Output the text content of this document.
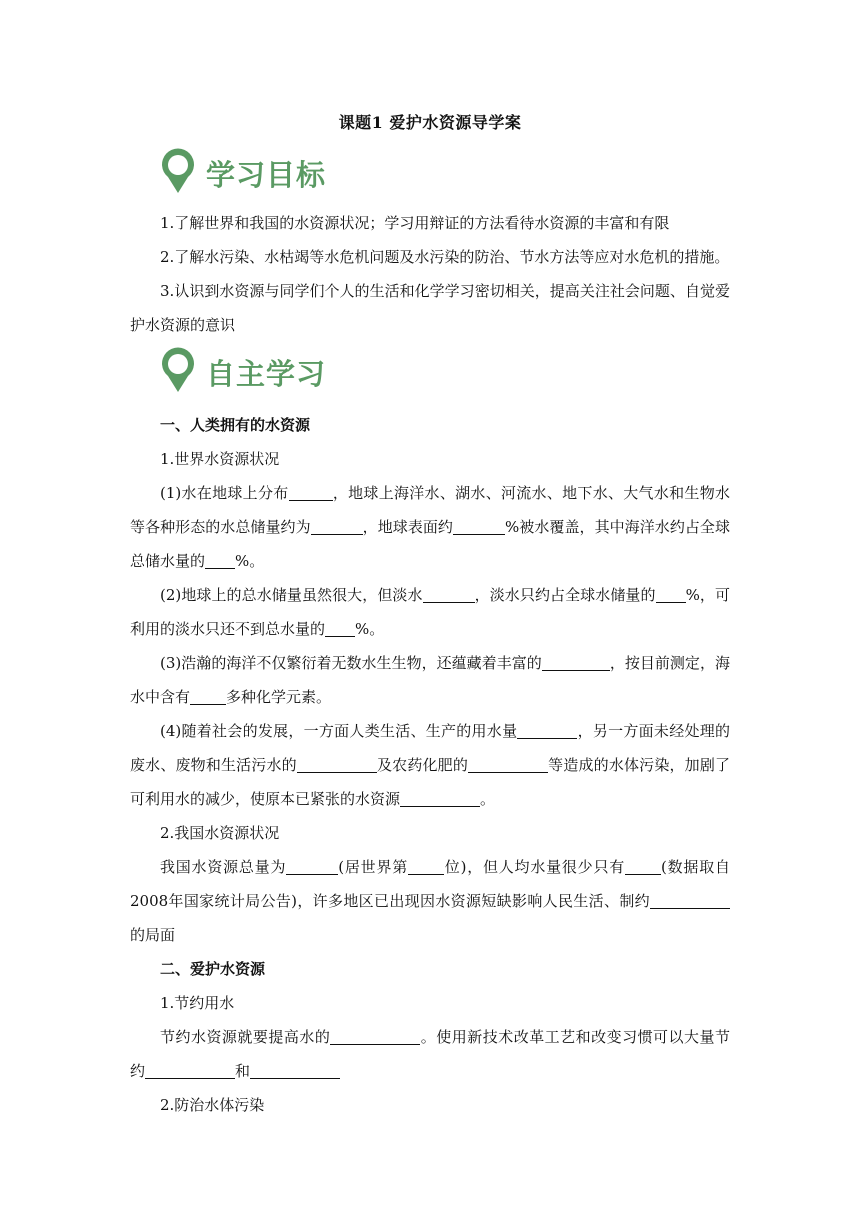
课题1 爱护水资源导学案
学习目标

1.了解世界和我国的水资源状况；学习用辩证的方法看待水资源的丰富和有限

2.了解水污染、水枯竭等水危机问题及水污染的防治、节水方法等应对水危机的措施。

3.认识到水资源与同学们个人的生活和化学学习密切相关，提高关注社会问题、自觉爱护水资源的意识

自主学习

一、人类拥有的水资源

1.世界水资源状况

(1)水在地球上分布	，地球上海洋水、湖水、河流水、地下水、大气水和生物水等各种形态的水总储量约为	，地球表面约	%被水覆盖，其中海洋水约占全球总储水量的 %。

(2)地球上的总水储量虽然很大，但淡水	，淡水只约占全球水储量的 %，可利用的淡水只还不到总水量的 %。

(3)浩瀚的海洋不仅繁衍着无数水生生物，还蕴藏着丰富的	，按目前测定，海水中含有 多种化学元素。

(4)随着社会的发展，一方面人类生活、生产的用水量	，另一方面未经处理的废水、废物和生活污水的	及农药化肥的	等造成的水体污染，加剧了可利用水的减少，使原本已紧张的水资源	。

2.我国水资源状况

我国水资源总量为	(居世界第 位)，但人均水量很少只有 (数据取自2008年国家统计局公告)，许多地区已出现因水资源短缺影响人民生活、制约的局面

二、爱护水资源

1.节约用水

节约水资源就要提高水的	。使用新技术改革工艺和改变习惯可以大量节约	和

2.防治水体污染
